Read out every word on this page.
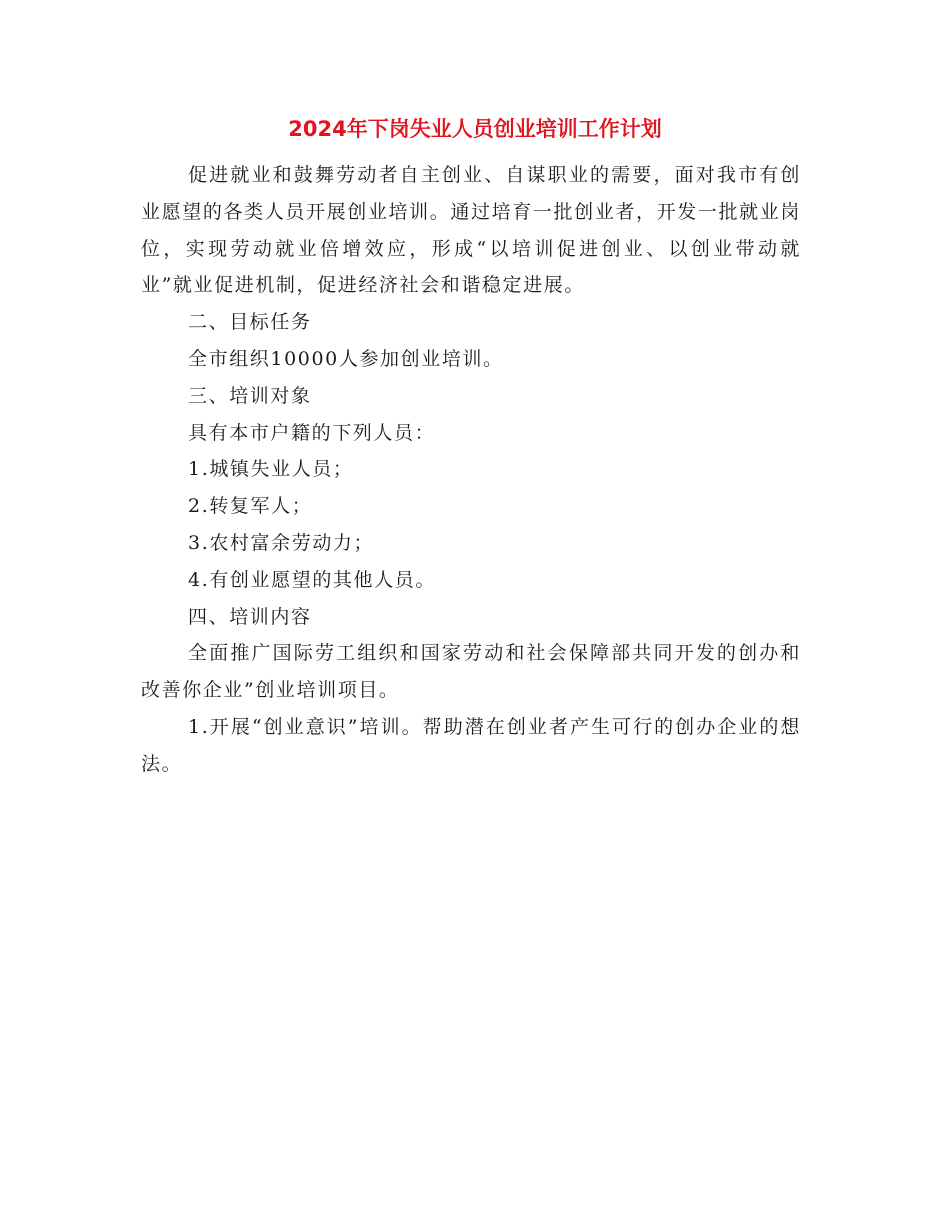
2024年下岗失业人员创业培训工作计划

促进就业和鼓舞劳动者自主创业、自谋职业的需要，面对我市有创业愿望的各类人员开展创业培训。通过培育一批创业者，开发一批就业岗位，实现劳动就业倍增效应，形成“以培训促进创业、以创业带动就业”就业促进机制，促进经济社会和谐稳定进展。

二、目标任务

全市组织10000人参加创业培训。

三、培训对象

具有本市户籍的下列人员：

1.城镇失业人员；

2.转复军人；

3.农村富余劳动力；

4.有创业愿望的其他人员。

四、培训内容

全面推广国际劳工组织和国家劳动和社会保障部共同开发的创办和改善你企业”创业培训项目。

1.开展“创业意识”培训。帮助潜在创业者产生可行的创办企业的想法。
